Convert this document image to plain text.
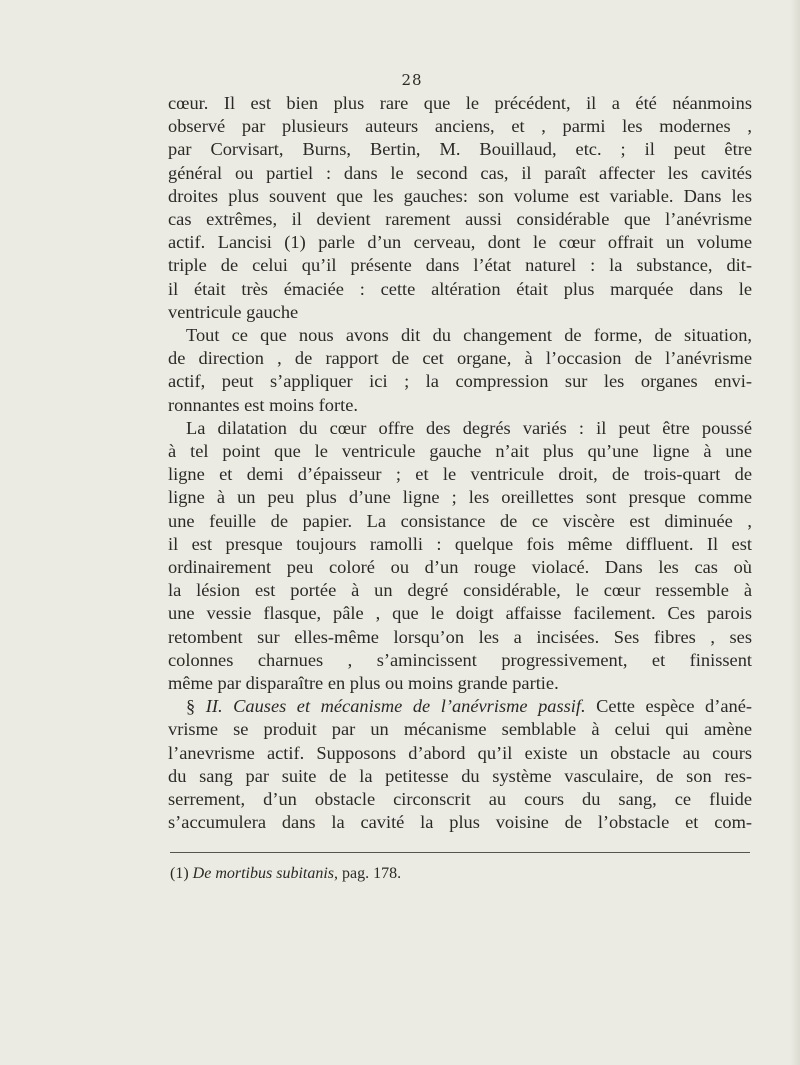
28
cœur. Il est bien plus rare que le précédent, il a été néanmoins
observé par plusieurs auteurs anciens, et , parmi les modernes ,
par Corvisart, Burns, Bertin, M. Bouillaud, etc. ; il peut être
général ou partiel : dans le second cas, il paraît affecter les cavités
droites plus souvent que les gauches: son volume est variable. Dans les
cas extrêmes, il devient rarement aussi considérable que l’anévrisme
actif. Lancisi (1) parle d’un cerveau, dont le cœur offrait un volume
triple de celui qu’il présente dans l’état naturel : la substance, dit-
il était très émaciée : cette altération était plus marquée dans le
ventricule gauche
Tout ce que nous avons dit du changement de forme, de situation,
de direction , de rapport de cet organe, à l’occasion de l’anévrisme
actif, peut s’appliquer ici ; la compression sur les organes envi-
ronnantes est moins forte.
La dilatation du cœur offre des degrés variés : il peut être poussé
à tel point que le ventricule gauche n’ait plus qu’une ligne à une
ligne et demi d’épaisseur ; et le ventricule droit, de trois-quart de
ligne à un peu plus d’une ligne ; les oreillettes sont presque comme
une feuille de papier. La consistance de ce viscère est diminuée ,
il est presque toujours ramolli : quelque fois même diffluent. Il est
ordinairement peu coloré ou d’un rouge violacé. Dans les cas où
la lésion est portée à un degré considérable, le cœur ressemble à
une vessie flasque, pâle , que le doigt affaisse facilement. Ces parois
retombent sur elles-même lorsqu’on les a incisées. Ses fibres , ses
colonnes charnues , s’amincissent progressivement, et finissent
même par disparaître en plus ou moins grande partie.
§ II. Causes et mécanisme de l’anévrisme passif. Cette espèce d’ané-
vrisme se produit par un mécanisme semblable à celui qui amène
l’anevrisme actif. Supposons d’abord qu’il existe un obstacle au cours
du sang par suite de la petitesse du système vasculaire, de son res-
serrement, d’un obstacle circonscrit au cours du sang, ce fluide
s’accumulera dans la cavité la plus voisine de l’obstacle et com-
(1) De mortibus subitanis, pag. 178.
